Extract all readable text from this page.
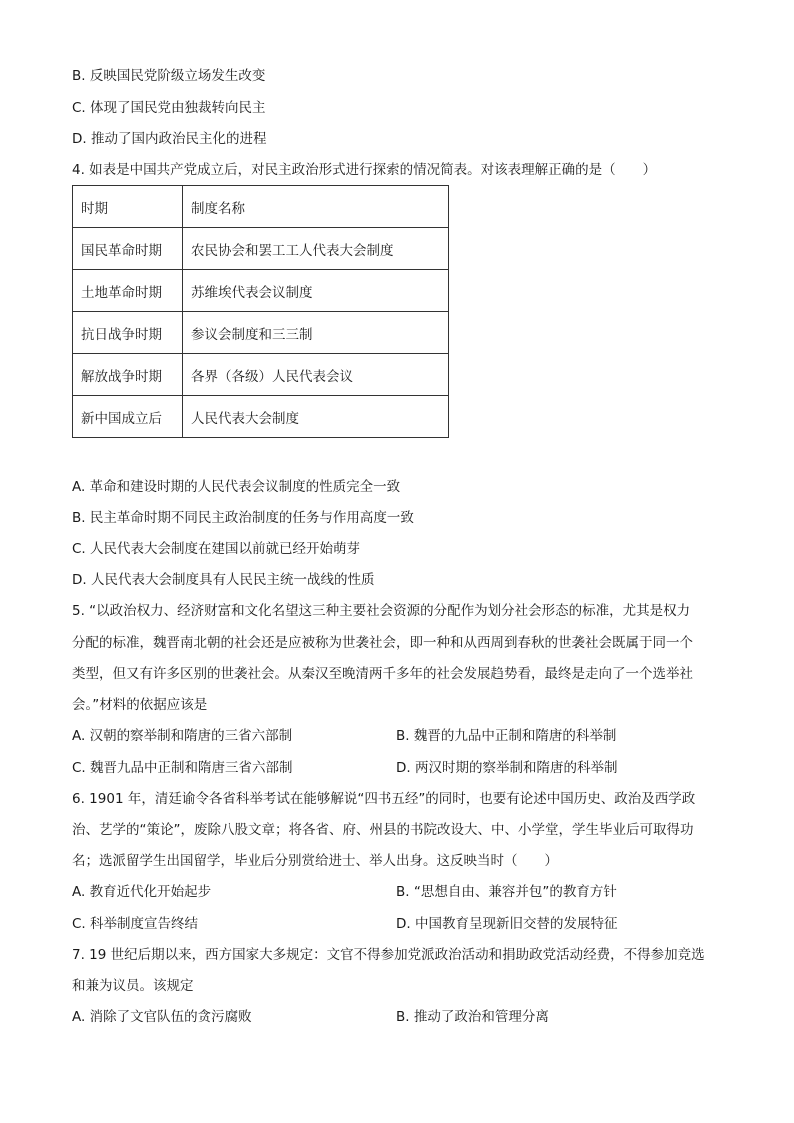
B. 反映国民党阶级立场发生改变
C. 体现了国民党由独裁转向民主
D. 推动了国内政治民主化的进程
4. 如表是中国共产党成立后，对民主政治形式进行探索的情况简表。对该表理解正确的是（　　）
时期	制度名称
国民革命时期	农民协会和罢工工人代表大会制度
土地革命时期	苏维埃代表会议制度
抗日战争时期	参议会制度和三三制
解放战争时期	各界（各级）人民代表会议
新中国成立后	人民代表大会制度
A. 革命和建设时期的人民代表会议制度的性质完全一致
B. 民主革命时期不同民主政治制度的任务与作用高度一致
C. 人民代表大会制度在建国以前就已经开始萌芽
D. 人民代表大会制度具有人民民主统一战线的性质
5. “以政治权力、经济财富和文化名望这三种主要社会资源的分配作为划分社会形态的标准，尤其是权力
分配的标准，魏晋南北朝的社会还是应被称为世袭社会，即一种和从西周到春秋的世袭社会既属于同一个
类型，但又有许多区别的世袭社会。从秦汉至晚清两千多年的社会发展趋势看，最终是走向了一个选举社
会。”材料的依据应该是
A. 汉朝的察举制和隋唐的三省六部制	B. 魏晋的九品中正制和隋唐的科举制
C. 魏晋九品中正制和隋唐三省六部制	D. 两汉时期的察举制和隋唐的科举制
6. 1901 年，清廷谕令各省科举考试在能够解说“四书五经”的同时，也要有论述中国历史、政治及西学政
治、艺学的“策论”，废除八股文章；将各省、府、州县的书院改设大、中、小学堂，学生毕业后可取得功
名；选派留学生出国留学，毕业后分别赏给进士、举人出身。这反映当时（　　）
A. 教育近代化开始起步	B. “思想自由、兼容并包”的教育方针
C. 科举制度宣告终结	D. 中国教育呈现新旧交替的发展特征
7. 19 世纪后期以来，西方国家大多规定：文官不得参加党派政治活动和捐助政党活动经费，不得参加竞选
和兼为议员。该规定
A. 消除了文官队伍的贪污腐败	B. 推动了政治和管理分离
